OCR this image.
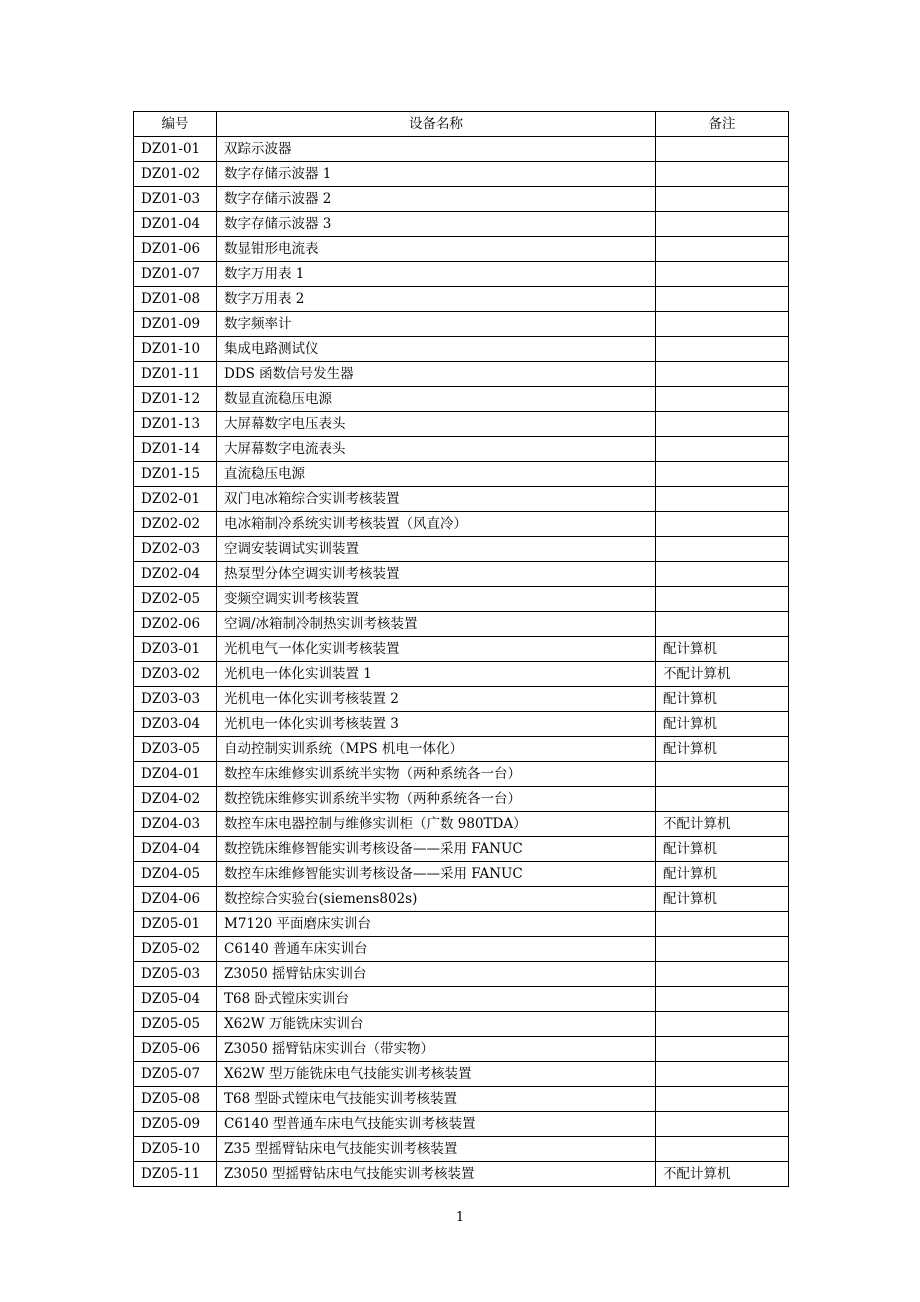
编号	设备名称	备注
DZ01-01	双踪示波器	
DZ01-02	数字存储示波器 1	
DZ01-03	数字存储示波器 2	
DZ01-04	数字存储示波器 3	
DZ01-06	数显钳形电流表	
DZ01-07	数字万用表 1	
DZ01-08	数字万用表 2	
DZ01-09	数字频率计	
DZ01-10	集成电路测试仪	
DZ01-11	DDS 函数信号发生器	
DZ01-12	数显直流稳压电源	
DZ01-13	大屏幕数字电压表头	
DZ01-14	大屏幕数字电流表头	
DZ01-15	直流稳压电源	
DZ02-01	双门电冰箱综合实训考核装置	
DZ02-02	电冰箱制冷系统实训考核装置（风直冷）	
DZ02-03	空调安装调试实训装置	
DZ02-04	热泵型分体空调实训考核装置	
DZ02-05	变频空调实训考核装置	
DZ02-06	空调/冰箱制冷制热实训考核装置	
DZ03-01	光机电气一体化实训考核装置	配计算机
DZ03-02	光机电一体化实训装置 1	不配计算机
DZ03-03	光机电一体化实训考核装置 2	配计算机
DZ03-04	光机电一体化实训考核装置 3	配计算机
DZ03-05	自动控制实训系统（MPS 机电一体化）	配计算机
DZ04-01	数控车床维修实训系统半实物（两种系统各一台）	
DZ04-02	数控铣床维修实训系统半实物（两种系统各一台）	
DZ04-03	数控车床电器控制与维修实训柜（广数 980TDA）	不配计算机
DZ04-04	数控铣床维修智能实训考核设备——采用 FANUC	配计算机
DZ04-05	数控车床维修智能实训考核设备——采用 FANUC	配计算机
DZ04-06	数控综合实验台(siemens802s)	配计算机
DZ05-01	M7120 平面磨床实训台	
DZ05-02	C6140 普通车床实训台	
DZ05-03	Z3050 摇臂钻床实训台	
DZ05-04	T68 卧式镗床实训台	
DZ05-05	X62W 万能铣床实训台	
DZ05-06	Z3050 摇臂钻床实训台（带实物）	
DZ05-07	X62W 型万能铣床电气技能实训考核装置	
DZ05-08	T68 型卧式镗床电气技能实训考核装置	
DZ05-09	C6140 型普通车床电气技能实训考核装置	
DZ05-10	Z35 型摇臂钻床电气技能实训考核装置	
DZ05-11	Z3050 型摇臂钻床电气技能实训考核装置	不配计算机
1
